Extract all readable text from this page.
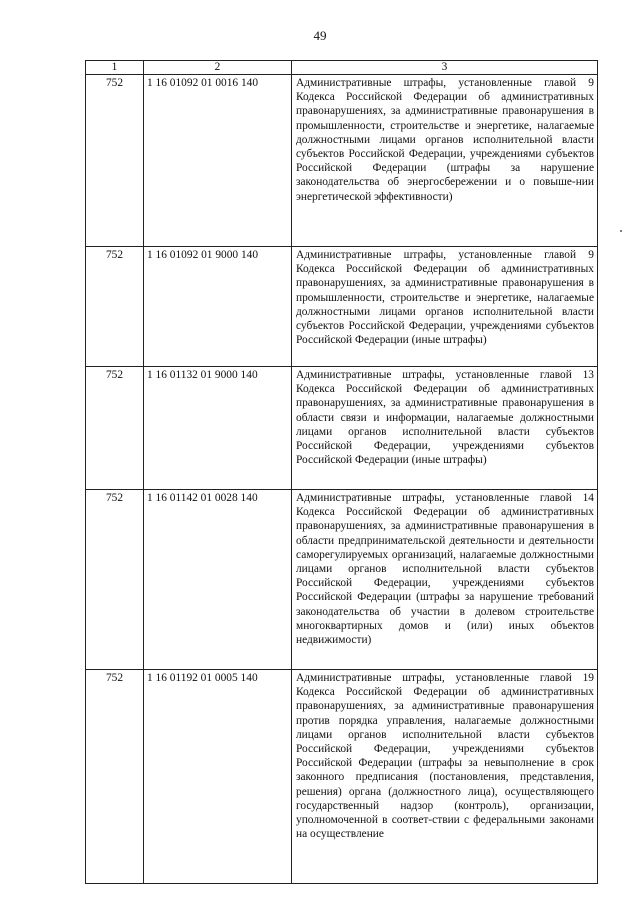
49
1	2	3
752	1 16 01092 01 0016 140	Административные штрафы, установленные главой 9 Кодекса Российской Федерации об административных правонарушениях, за административные правонарушения в промышленности, строительстве и энергетике, налагаемые должностными лицами органов исполнительной власти субъектов Российской Федерации, учреждениями субъектов Российской Федерации (штрафы за нарушение законодательства об энергосбережении и о повыше-нии энергетической эффективности)
752	1 16 01092 01 9000 140	Административные штрафы, установленные главой 9 Кодекса Российской Федерации об административных правонарушениях, за административные правонарушения в промышленности, строительстве и энергетике, налагаемые должностными лицами органов исполнительной власти субъектов Российской Федерации, учреждениями субъектов Российской Федерации (иные штрафы)
752	1 16 01132 01 9000 140	Административные штрафы, установленные главой 13 Кодекса Российской Федерации об административных правонарушениях, за административные правонарушения в области связи и информации, налагаемые должностными лицами органов исполнительной власти субъектов Российской Федерации, учреждениями субъектов Российской Федерации (иные штрафы)
752	1 16 01142 01 0028 140	Административные штрафы, установленные главой 14 Кодекса Российской Федерации об административных правонарушениях, за административные правонарушения в области предпринимательской деятельности и деятельности саморегулируемых организаций, налагаемые должностными лицами органов исполнительной власти субъектов Российской Федерации, учреждениями субъектов Российской Федерации (штрафы за нарушение требований законодательства об участии в долевом строительстве многоквартирных домов и (или) иных объектов недвижимости)
752	1 16 01192 01 0005 140	Административные штрафы, установленные главой 19 Кодекса Российской Федерации об административных правонарушениях, за административные правонарушения против порядка управления, налагаемые должностными лицами органов исполнительной власти субъектов Российской Федерации, учреждениями субъектов Российской Федерации (штрафы за невыполнение в срок законного предписания (постановления, представления, решения) органа (должностного лица), осуществляющего государственный надзор (контроль), организации, уполномоченной в соответ-ствии с федеральными законами на осуществление
